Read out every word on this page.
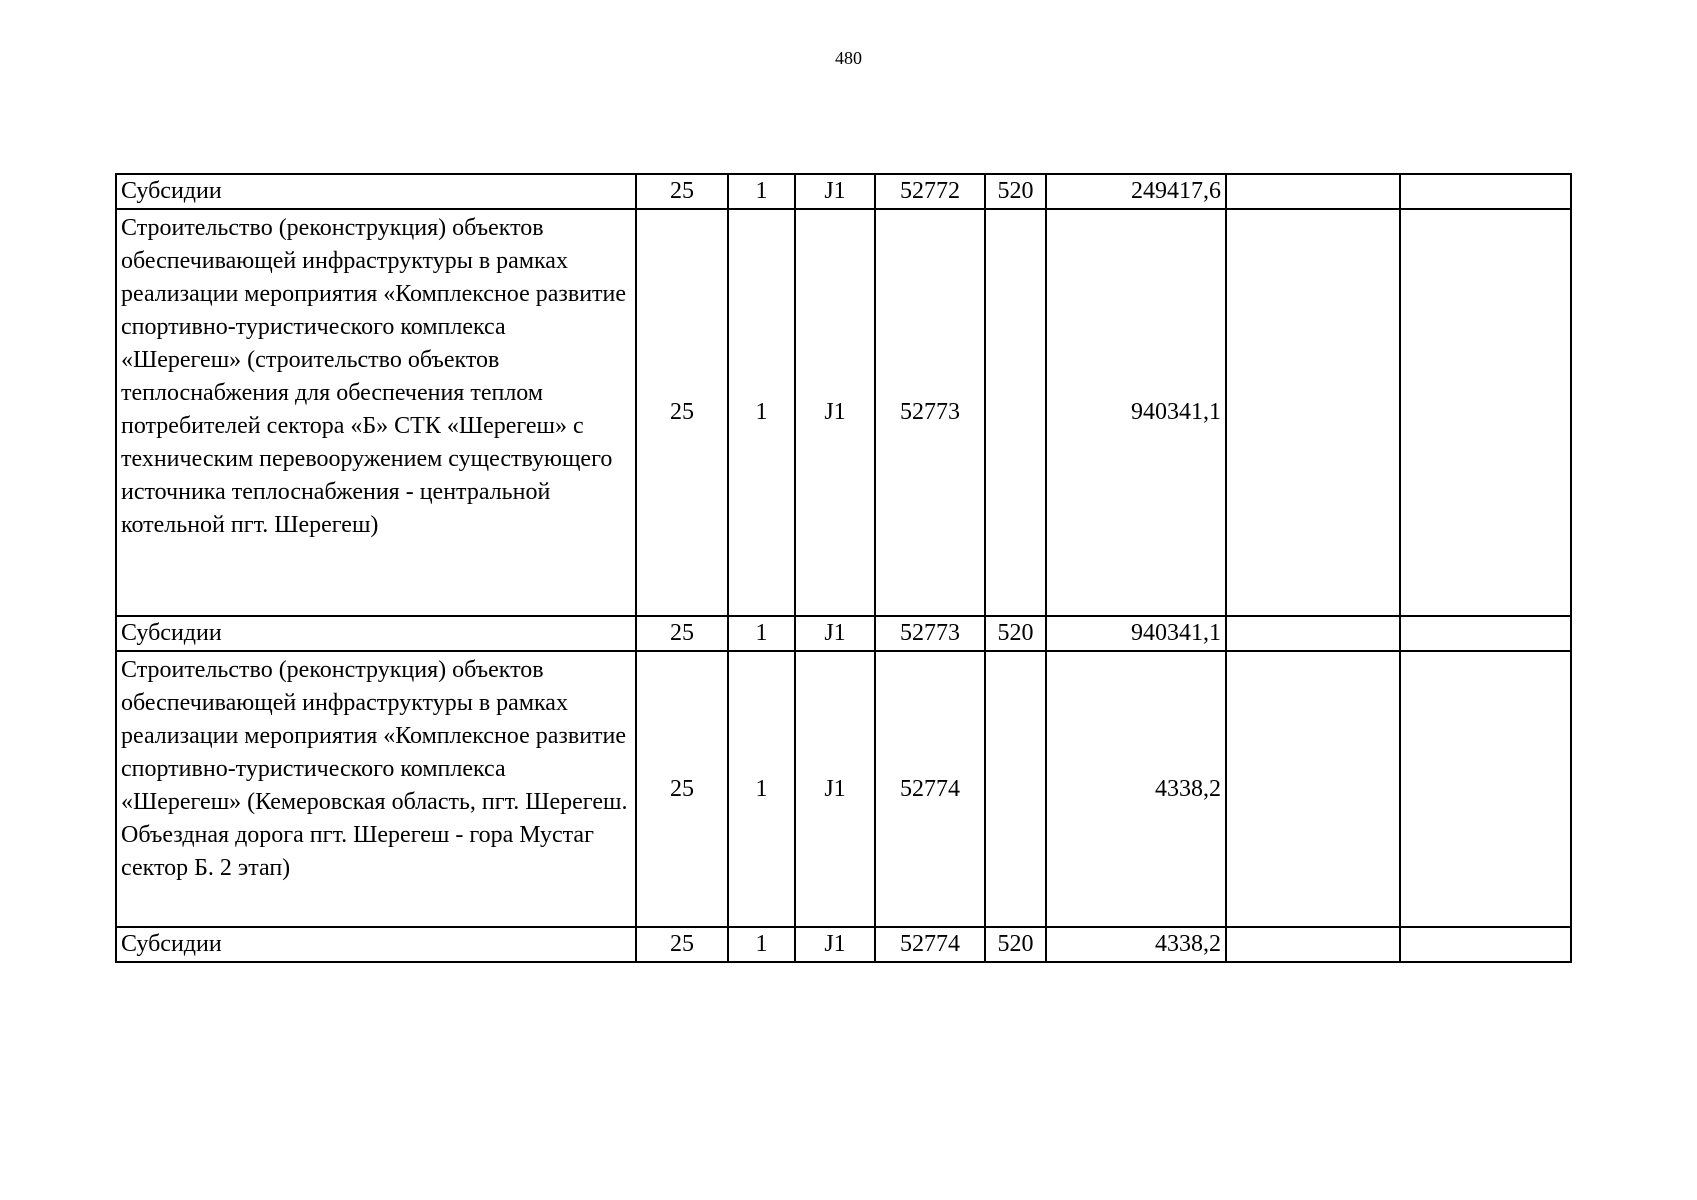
480
Субсидии	25	1	J1	52772	520	249417,6		
Строительство (реконструкция) объектов обеспечивающей инфраструктуры в рамках реализации мероприятия «Комплексное развитие спортивно-туристического комплекса «Шерегеш» (строительство объектов теплоснабжения для обеспечения теплом потребителей сектора «Б» СТК «Шерегеш» с техническим перевооружением существующего источника теплоснабжения - центральной котельной пгт. Шерегеш)	25	1	J1	52773		940341,1		
Субсидии	25	1	J1	52773	520	940341,1		
Строительство (реконструкция) объектов обеспечивающей инфраструктуры в рамках реализации мероприятия «Комплексное развитие спортивно-туристического комплекса «Шерегеш» (Кемеровская область, пгт. Шерегеш. Объездная дорога пгт. Шерегеш - гора Мустаг сектор Б. 2 этап)	25	1	J1	52774		4338,2		
Субсидии	25	1	J1	52774	520	4338,2		
